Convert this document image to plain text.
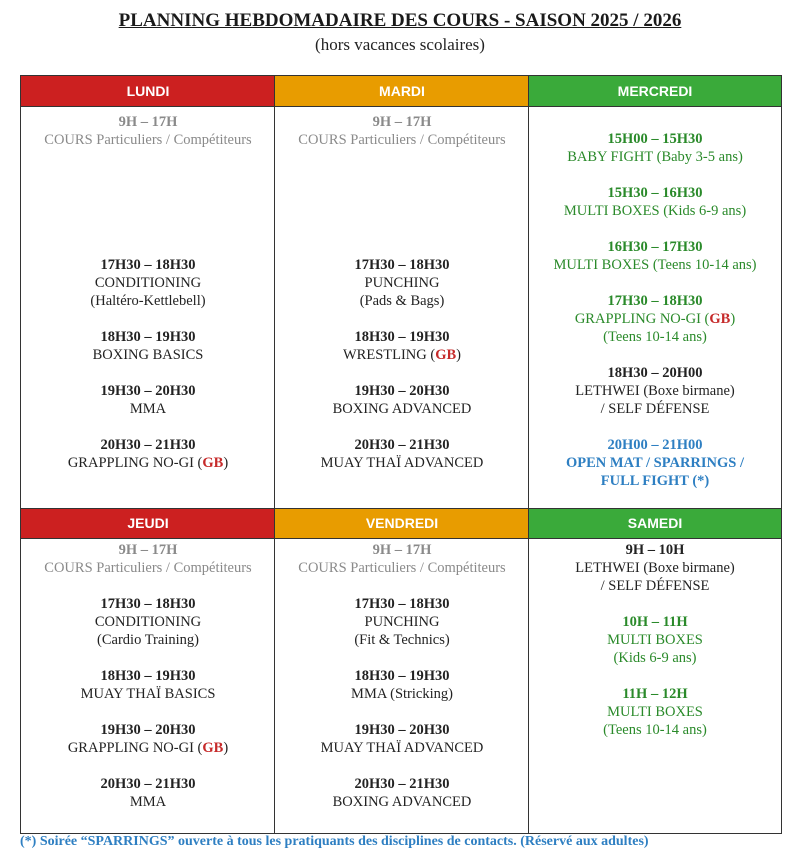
PLANNING HEBDOMADAIRE DES COURS - SAISON 2025 / 2026
(hors vacances scolaires)
LUNDI
9H – 17H
COURS Particuliers / Compétiteurs
17H30 – 18H30
CONDITIONING
(Haltéro-Kettlebell)
18H30 – 19H30
BOXING BASICS
19H30 – 20H30
MMA
20H30 – 21H30
GRAPPLING NO-GI (GB)
MARDI
9H – 17H
COURS Particuliers / Compétiteurs
17H30 – 18H30
PUNCHING
(Pads & Bags)
18H30 – 19H30
WRESTLING (GB)
19H30 – 20H30
BOXING ADVANCED
20H30 – 21H30
MUAY THAÏ ADVANCED
MERCREDI
15H00 – 15H30
BABY FIGHT (Baby 3-5 ans)
15H30 – 16H30
MULTI BOXES (Kids 6-9 ans)
16H30 – 17H30
MULTI BOXES (Teens 10-14 ans)
17H30 – 18H30
GRAPPLING NO-GI (GB)
(Teens 10-14 ans)
18H30 – 20H00
LETHWEI (Boxe birmane)
/ SELF DÉFENSE
20H00 – 21H00
OPEN MAT / SPARRINGS /
FULL FIGHT (*)
JEUDI
9H – 17H
COURS Particuliers / Compétiteurs
17H30 – 18H30
CONDITIONING
(Cardio Training)
18H30 – 19H30
MUAY THAÏ BASICS
19H30 – 20H30
GRAPPLING NO-GI (GB)
20H30 – 21H30
MMA
VENDREDI
9H – 17H
COURS Particuliers / Compétiteurs
17H30 – 18H30
PUNCHING
(Fit & Technics)
18H30 – 19H30
MMA (Stricking)
19H30 – 20H30
MUAY THAÏ ADVANCED
20H30 – 21H30
BOXING ADVANCED
SAMEDI
9H – 10H
LETHWEI (Boxe birmane)
/ SELF DÉFENSE
10H – 11H
MULTI BOXES
(Kids 6-9 ans)
11H – 12H
MULTI BOXES
(Teens 10-14 ans)
(*) Soirée “SPARRINGS” ouverte à tous les pratiquants des disciplines de contacts. (Réservé aux adultes)
